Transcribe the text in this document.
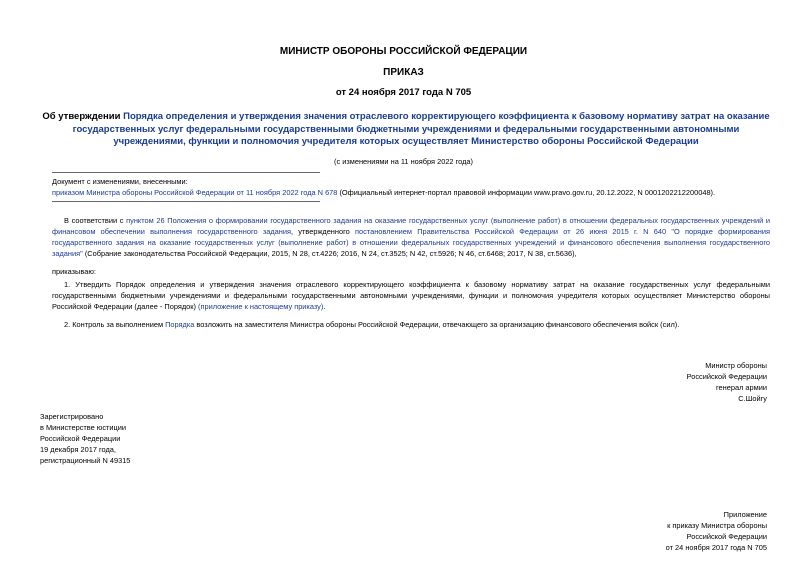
МИНИСТР ОБОРОНЫ РОССИЙСКОЙ ФЕДЕРАЦИИ
ПРИКАЗ
от 24 ноября 2017 года N 705
Об утверждении Порядка определения и утверждения значения отраслевого корректирующего коэффициента к базовому нормативу затрат на оказание государственных услуг федеральными государственными бюджетными учреждениями и федеральными государственными автономными учреждениями, функции и полномочия учредителя которых осуществляет Министерство обороны Российской Федерации
(с изменениями на 11 ноября 2022 года)
Документ с изменениями, внесенными:
приказом Министра обороны Российской Федерации от 11 ноября 2022 года N 678 (Официальный интернет-портал правовой информации www.pravo.gov.ru, 20.12.2022, N 0001202212200048).
В соответствии с пунктом 26 Положения о формировании государственного задания на оказание государственных услуг (выполнение работ) в отношении федеральных государственных учреждений и финансовом обеспечении выполнения государственного задания, утвержденного постановлением Правительства Российской Федерации от 26 июня 2015 г. N 640 "О порядке формирования государственного задания на оказание государственных услуг (выполнение работ) в отношении федеральных государственных учреждений и финансового обеспечения выполнения государственного задания" (Собрание законодательства Российской Федерации, 2015, N 28, ст.4226; 2016, N 24, ст.3525; N 42, ст.5926; N 46, ст.6468; 2017, N 38, ст.5636),
приказываю:
1. Утвердить Порядок определения и утверждения значения отраслевого корректирующего коэффициента к базовому нормативу затрат на оказание государственных услуг федеральными государственными бюджетными учреждениями и федеральными государственными автономными учреждениями, функции и полномочия учредителя которых осуществляет Министерство обороны Российской Федерации (далее - Порядок) (приложение к настоящему приказу).
2. Контроль за выполнением Порядка возложить на заместителя Министра обороны Российской Федерации, отвечающего за организацию финансового обеспечения войск (сил).
Министр обороны
Российской Федерации
генерал армии
С.Шойгу
Зарегистрировано
в Министерстве юстиции
Российской Федерации
19 декабря 2017 года,
регистрационный N 49315
Приложение
к приказу Министра обороны
Российской Федерации
от 24 ноября 2017 года N 705
